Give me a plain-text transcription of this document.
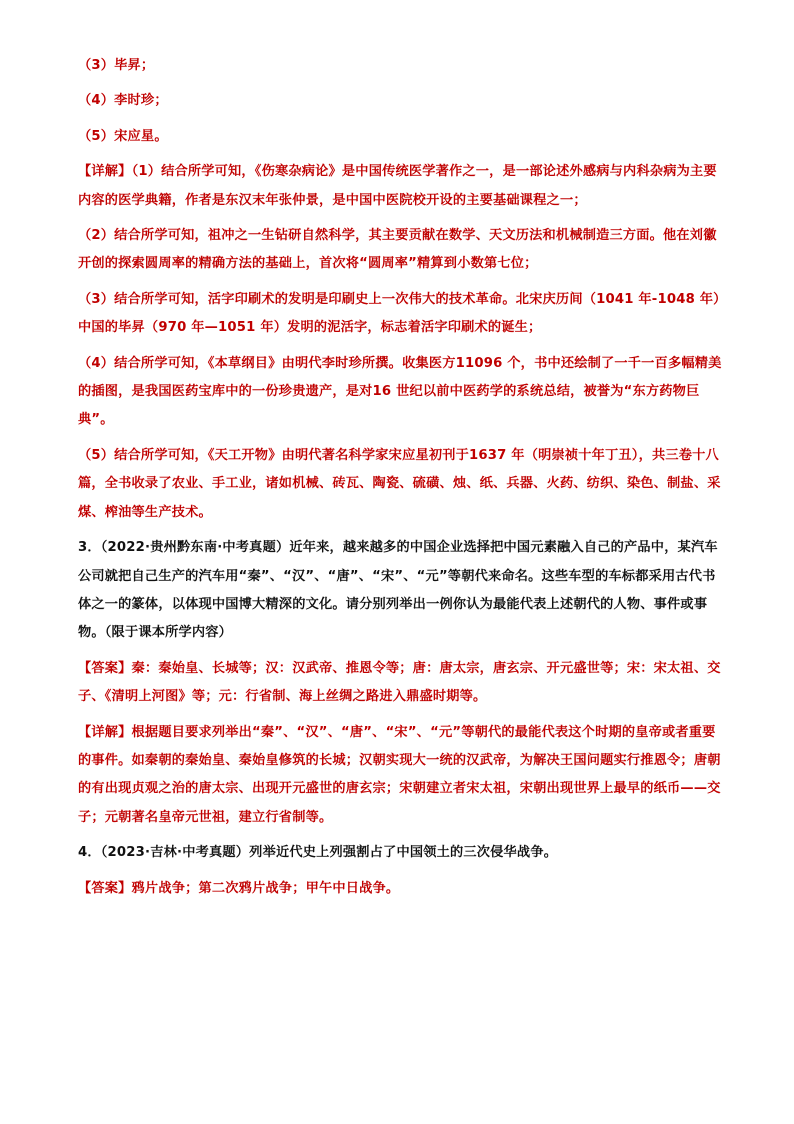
（3）毕昇；

（4）李时珍；

（5）宋应星。

【详解】（1）结合所学可知，《伤寒杂病论》是中国传统医学著作之一，是一部论述外感病与内科杂病为主要内容的医学典籍，作者是东汉末年张仲景，是中国中医院校开设的主要基础课程之一；

（2）结合所学可知，祖冲之一生钻研自然科学，其主要贡献在数学、天文历法和机械制造三方面。他在刘徽开创的探索圆周率的精确方法的基础上，首次将“圆周率”精算到小数第七位；

（3）结合所学可知，活字印刷术的发明是印刷史上一次伟大的技术革命。北宋庆历间（1041 年-1048 年）中国的毕昇（970 年—1051 年）发明的泥活字，标志着活字印刷术的诞生；

（4）结合所学可知，《本草纲目》由明代李时珍所撰。收集医方11096 个，书中还绘制了一千一百多幅精美的插图，是我国医药宝库中的一份珍贵遗产，是对16 世纪以前中医药学的系统总结，被誉为“东方药物巨典”。

（5）结合所学可知，《天工开物》由明代著名科学家宋应星初刊于1637 年（明崇祯十年丁丑），共三卷十八篇，全书收录了农业、手工业，诸如机械、砖瓦、陶瓷、硫磺、烛、纸、兵器、火药、纺织、染色、制盐、采煤、榨油等生产技术。

3．（2022·贵州黔东南·中考真题）近年来，越来越多的中国企业选择把中国元素融入自己的产品中，某汽车公司就把自己生产的汽车用“秦”、“汉”、“唐”、“宋”、“元”等朝代来命名。这些车型的车标都采用古代书体之一的篆体，以体现中国博大精深的文化。请分别列举出一例你认为最能代表上述朝代的人物、事件或事物。（限于课本所学内容）

【答案】秦：秦始皇、长城等；汉：汉武帝、推恩令等；唐：唐太宗，唐玄宗、开元盛世等；宋：宋太祖、交子、《清明上河图》等；元：行省制、海上丝绸之路进入鼎盛时期等。

【详解】根据题目要求列举出“秦”、“汉”、“唐”、“宋”、“元”等朝代的最能代表这个时期的皇帝或者重要的事件。如秦朝的秦始皇、秦始皇修筑的长城；汉朝实现大一统的汉武帝，为解决王国问题实行推恩令；唐朝的有出现贞观之治的唐太宗、出现开元盛世的唐玄宗；宋朝建立者宋太祖，宋朝出现世界上最早的纸币——交子；元朝著名皇帝元世祖，建立行省制等。

4．（2023·吉林·中考真题）列举近代史上列强割占了中国领土的三次侵华战争。

【答案】鸦片战争；第二次鸦片战争；甲午中日战争。
